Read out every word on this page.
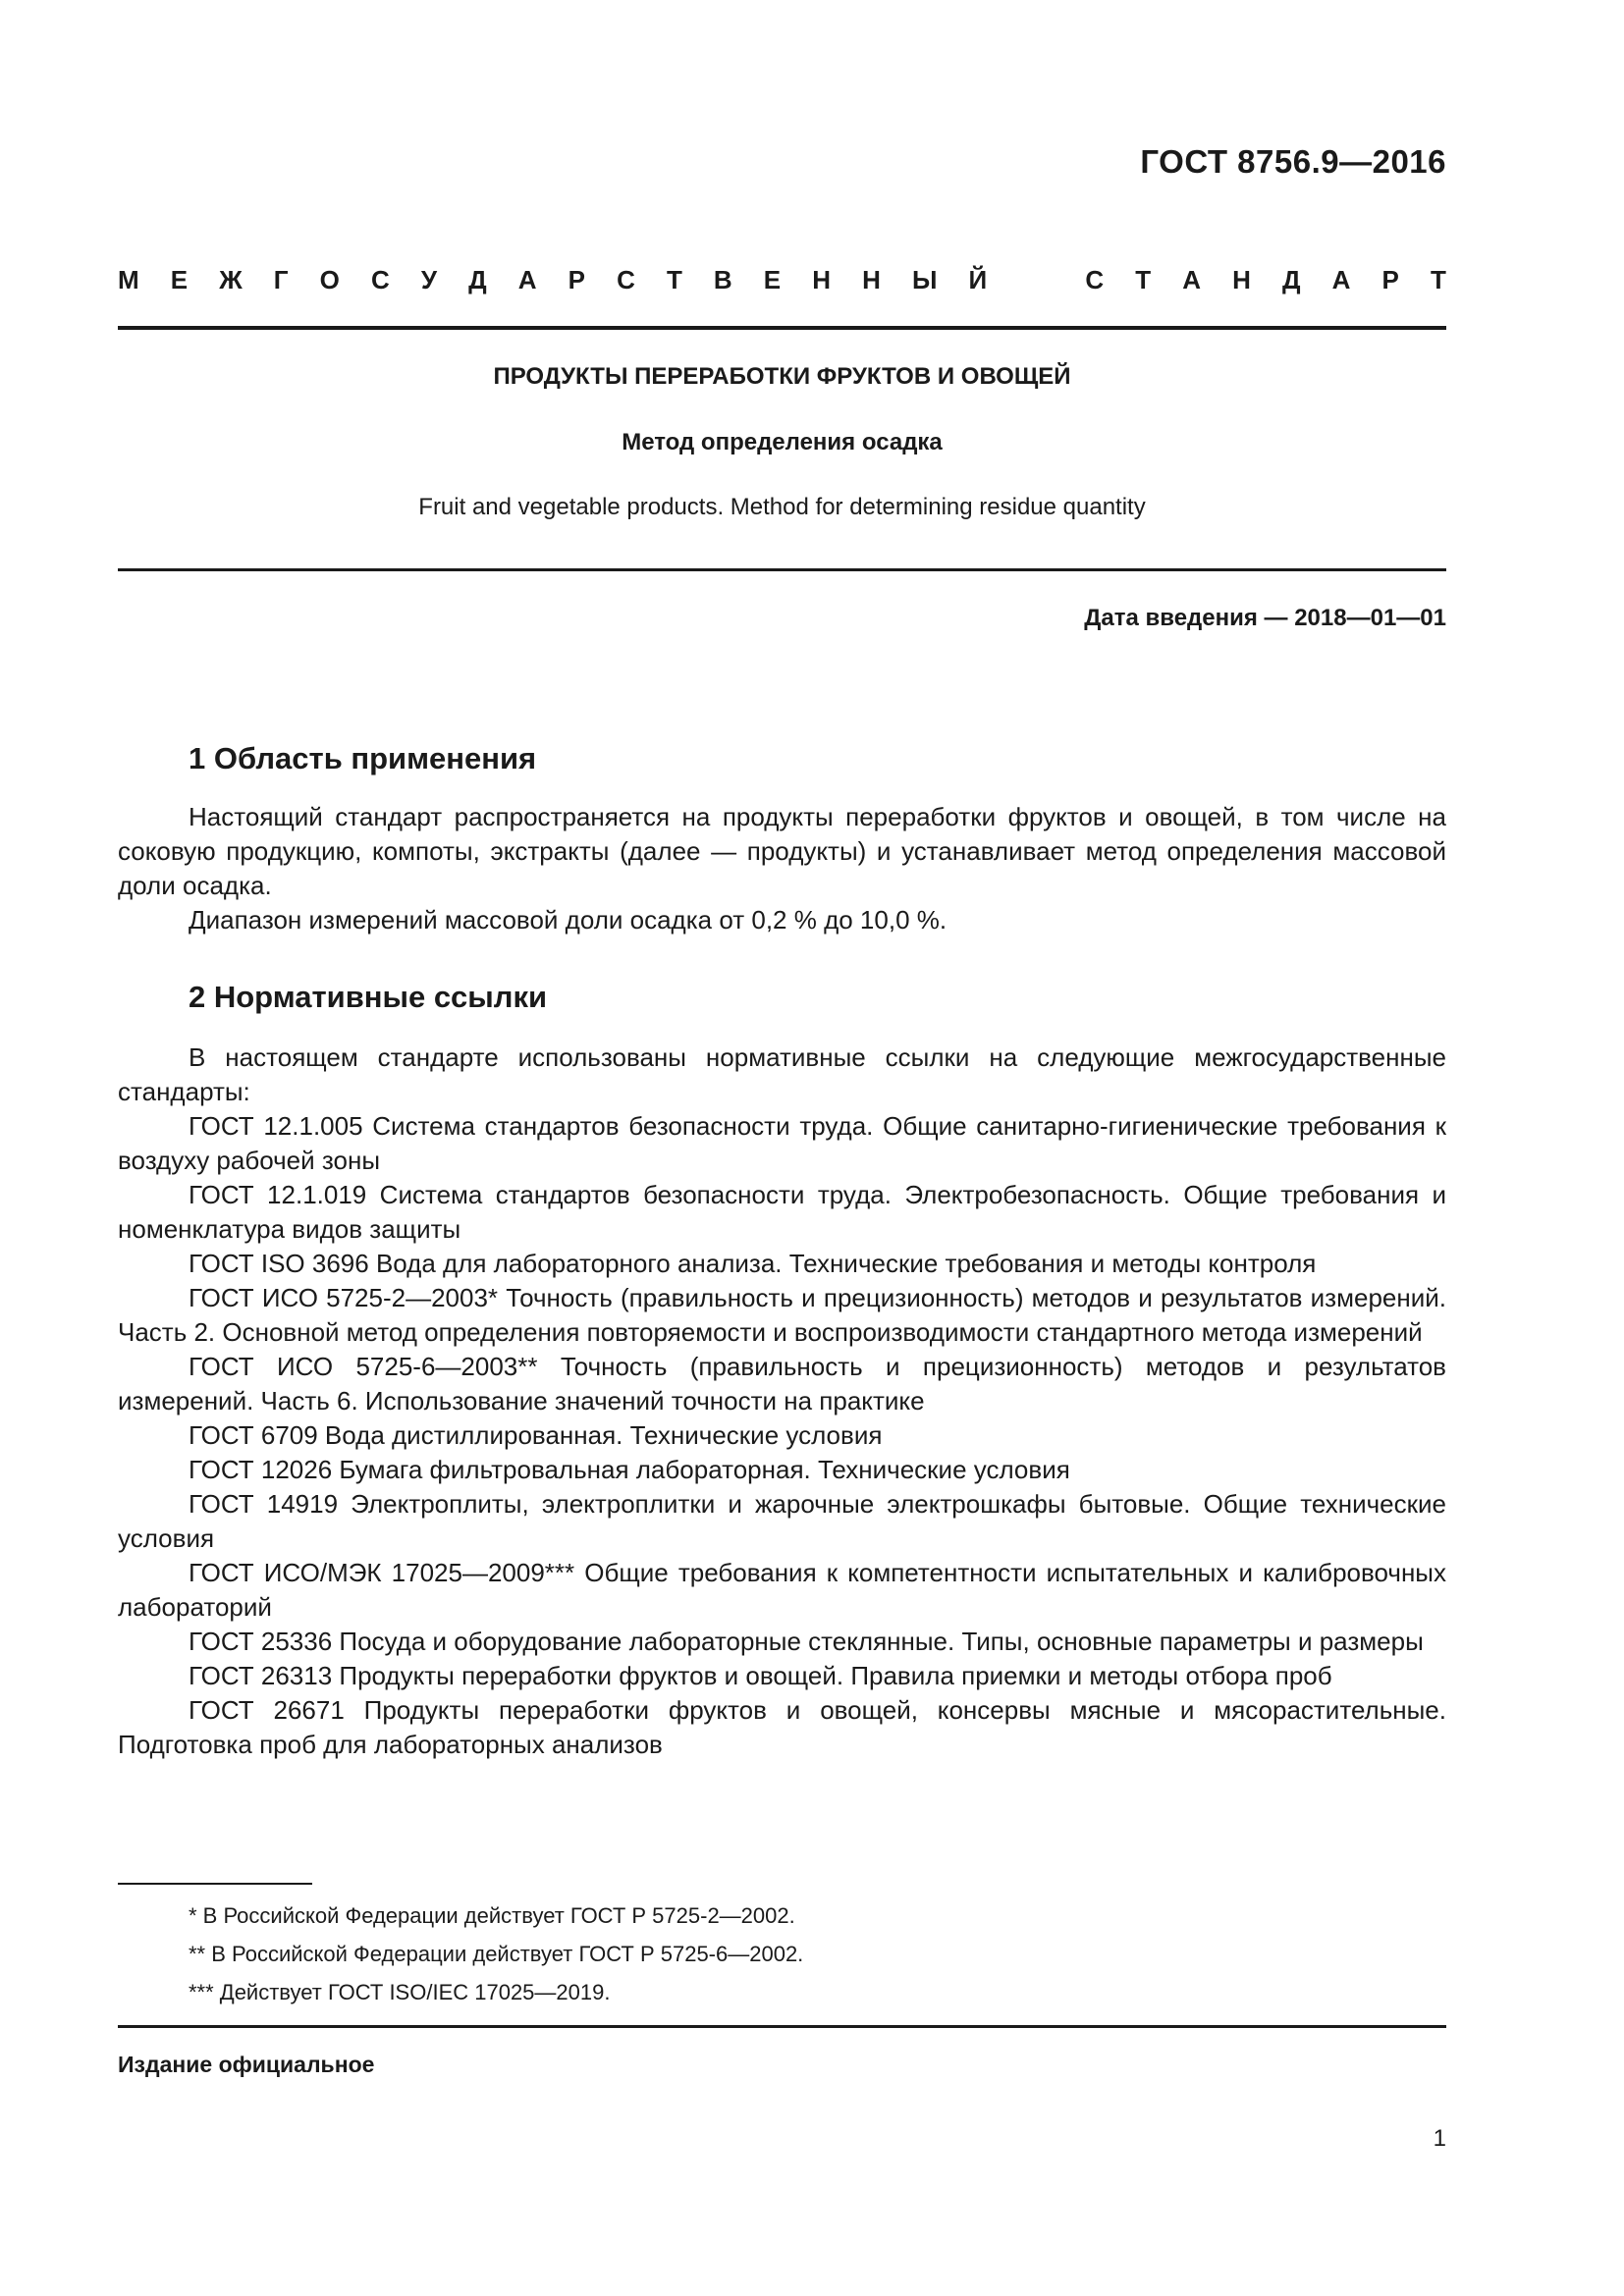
ГОСТ 8756.9—2016
М Е Ж Г О С У Д А Р С Т В Е Н Н Ы Й	С Т А Н Д А Р Т
ПРОДУКТЫ ПЕРЕРАБОТКИ ФРУКТОВ И ОВОЩЕЙ
Метод определения осадка
Fruit and vegetable products. Method for determining residue quantity
Дата введения — 2018—01—01
1 Область применения

Настоящий стандарт распространяется на продукты переработки фруктов и овощей, в том числе на соковую продукцию, компоты, экстракты (далее — продукты) и устанавливает метод определения массовой доли осадка.

Диапазон измерений массовой доли осадка от 0,2 % до 10,0 %.

2 Нормативные ссылки

В настоящем стандарте использованы нормативные ссылки на следующие межгосударственные стандарты:

ГОСТ 12.1.005 Система стандартов безопасности труда. Общие санитарно-гигиенические требования к воздуху рабочей зоны

ГОСТ 12.1.019 Система стандартов безопасности труда. Электробезопасность. Общие требования и номенклатура видов защиты

ГОСТ ISO 3696 Вода для лабораторного анализа. Технические требования и методы контроля

ГОСТ ИСО 5725-2—2003* Точность (правильность и прецизионность) методов и результатов измерений. Часть 2. Основной метод определения повторяемости и воспроизводимости стандартного метода измерений

ГОСТ ИСО 5725-6—2003** Точность (правильность и прецизионность) методов и результатов измерений. Часть 6. Использование значений точности на практике

ГОСТ 6709 Вода дистиллированная. Технические условия

ГОСТ 12026 Бумага фильтровальная лабораторная. Технические условия

ГОСТ 14919 Электроплиты, электроплитки и жарочные электрошкафы бытовые. Общие технические условия

ГОСТ ИСО/МЭК 17025—2009*** Общие требования к компетентности испытательных и калибровочных лабораторий

ГОСТ 25336 Посуда и оборудование лабораторные стеклянные. Типы, основные параметры и размеры

ГОСТ 26313 Продукты переработки фруктов и овощей. Правила приемки и методы отбора проб

ГОСТ 26671 Продукты переработки фруктов и овощей, консервы мясные и мясорастительные. Подготовка проб для лабораторных анализов

* В Российской Федерации действует ГОСТ Р 5725-2—2002.

** В Российской Федерации действует ГОСТ Р 5725-6—2002.

*** Действует ГОСТ ISO/IEC 17025—2019.

Издание официальное
1
